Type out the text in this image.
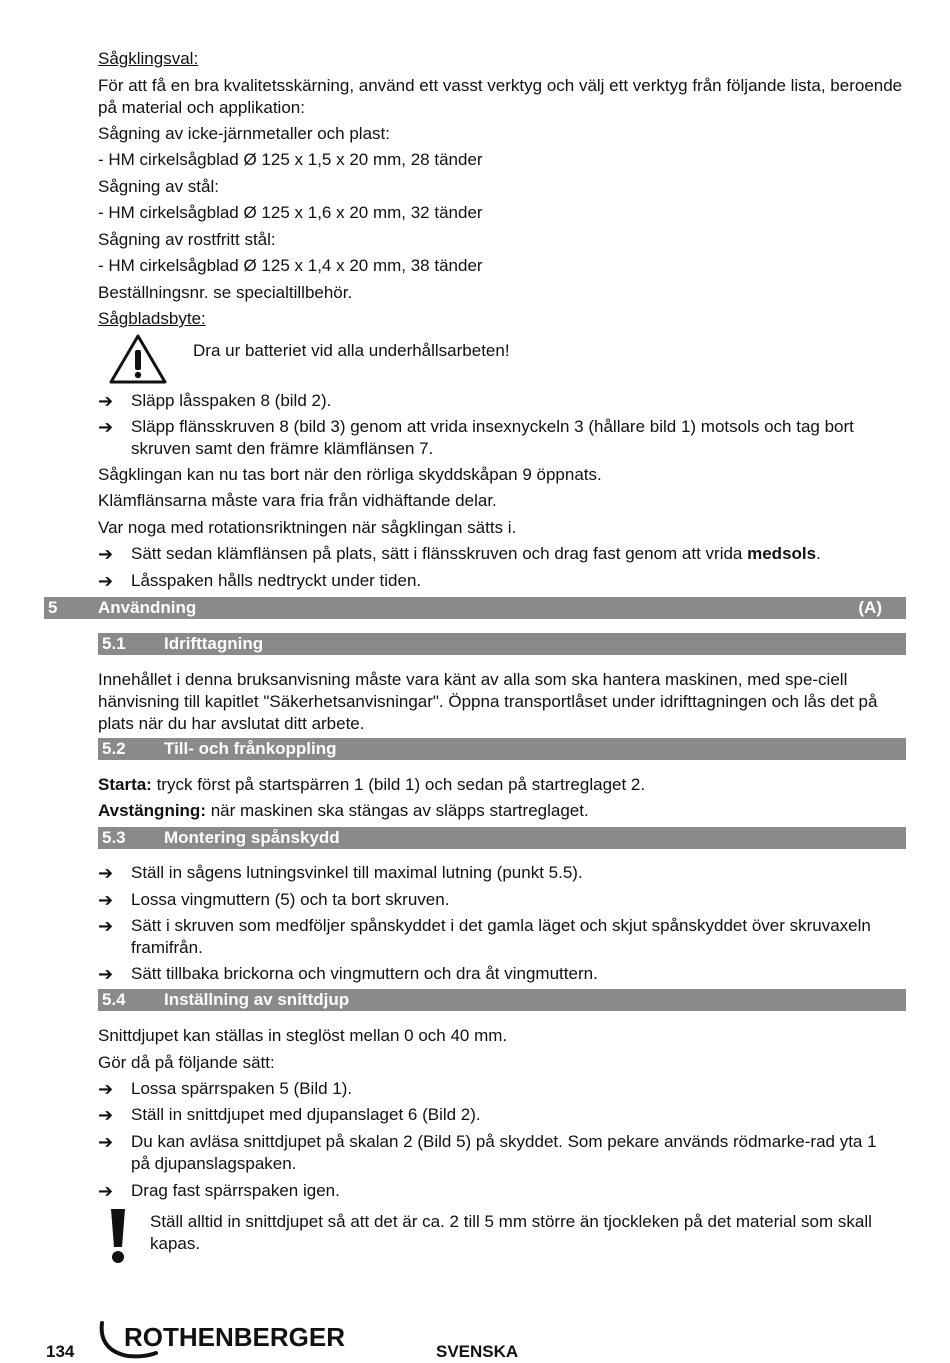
Sågklingsval:
För att få en bra kvalitetsskärning, använd ett vasst verktyg och välj ett verktyg från följande lista, beroende på material och applikation:
Sågning av icke-järnmetaller och plast:
- HM cirkelsågblad Ø 125 x 1,5 x 20 mm, 28 tänder
Sågning av stål:
- HM cirkelsågblad Ø 125 x 1,6 x 20 mm, 32 tänder
Sågning av rostfritt stål:
- HM cirkelsågblad Ø 125 x 1,4 x 20 mm, 38 tänder
Beställningsnr. se specialtillbehör.
Sågbladsbyte:
Dra ur batteriet vid alla underhållsarbeten!
➔ Släpp låsspaken 8 (bild 2).
➔ Släpp flänsskruven 8 (bild 3) genom att vrida insexnyckeln 3 (hållare bild 1) motsols och tag bort skruven samt den främre klämflänsen 7.
Sågklingan kan nu tas bort när den rörliga skyddskåpan 9 öppnats.
Klämflänsarna måste vara fria från vidhäftande delar.
Var noga med rotationsriktningen när sågklingan sätts i.
➔ Sätt sedan klämflänsen på plats, sätt i flänsskruven och drag fast genom att vrida medsols.
➔ Låsspaken hålls nedtryckt under tiden.
5 Användning	(A)
5.1 Idrifttagning
Innehållet i denna bruksanvisning måste vara känt av alla som ska hantera maskinen, med spe-ciell hänvisning till kapitlet "Säkerhetsanvisningar". Öppna transportlåset under idrifttagningen och lås det på plats när du har avslutat ditt arbete.
5.2 Till- och frånkoppling
Starta: tryck först på startspärren 1 (bild 1) och sedan på startreglaget 2.
Avstängning: när maskinen ska stängas av släpps startreglaget.
5.3 Montering spånskydd
➔ Ställ in sågens lutningsvinkel till maximal lutning (punkt 5.5).
➔ Lossa vingmuttern (5) och ta bort skruven.
➔ Sätt i skruven som medföljer spånskyddet i det gamla läget och skjut spånskyddet över skruvaxeln framifrån.
➔ Sätt tillbaka brickorna och vingmuttern och dra åt vingmuttern.
5.4 Inställning av snittdjup
Snittdjupet kan ställas in steglöst mellan 0 och 40 mm.
Gör då på följande sätt:
➔ Lossa spärrspaken 5 (Bild 1).
➔ Ställ in snittdjupet med djupanslaget 6 (Bild 2).
➔ Du kan avläsa snittdjupet på skalan 2 (Bild 5) på skyddet. Som pekare används rödmarke-rad yta 1 på djupanslagspaken.
➔ Drag fast spärrspaken igen.
Ställ alltid in snittdjupet så att det är ca. 2 till 5 mm större än tjockleken på det material som skall kapas.
134 ROTHENBERGER	SVENSKA
